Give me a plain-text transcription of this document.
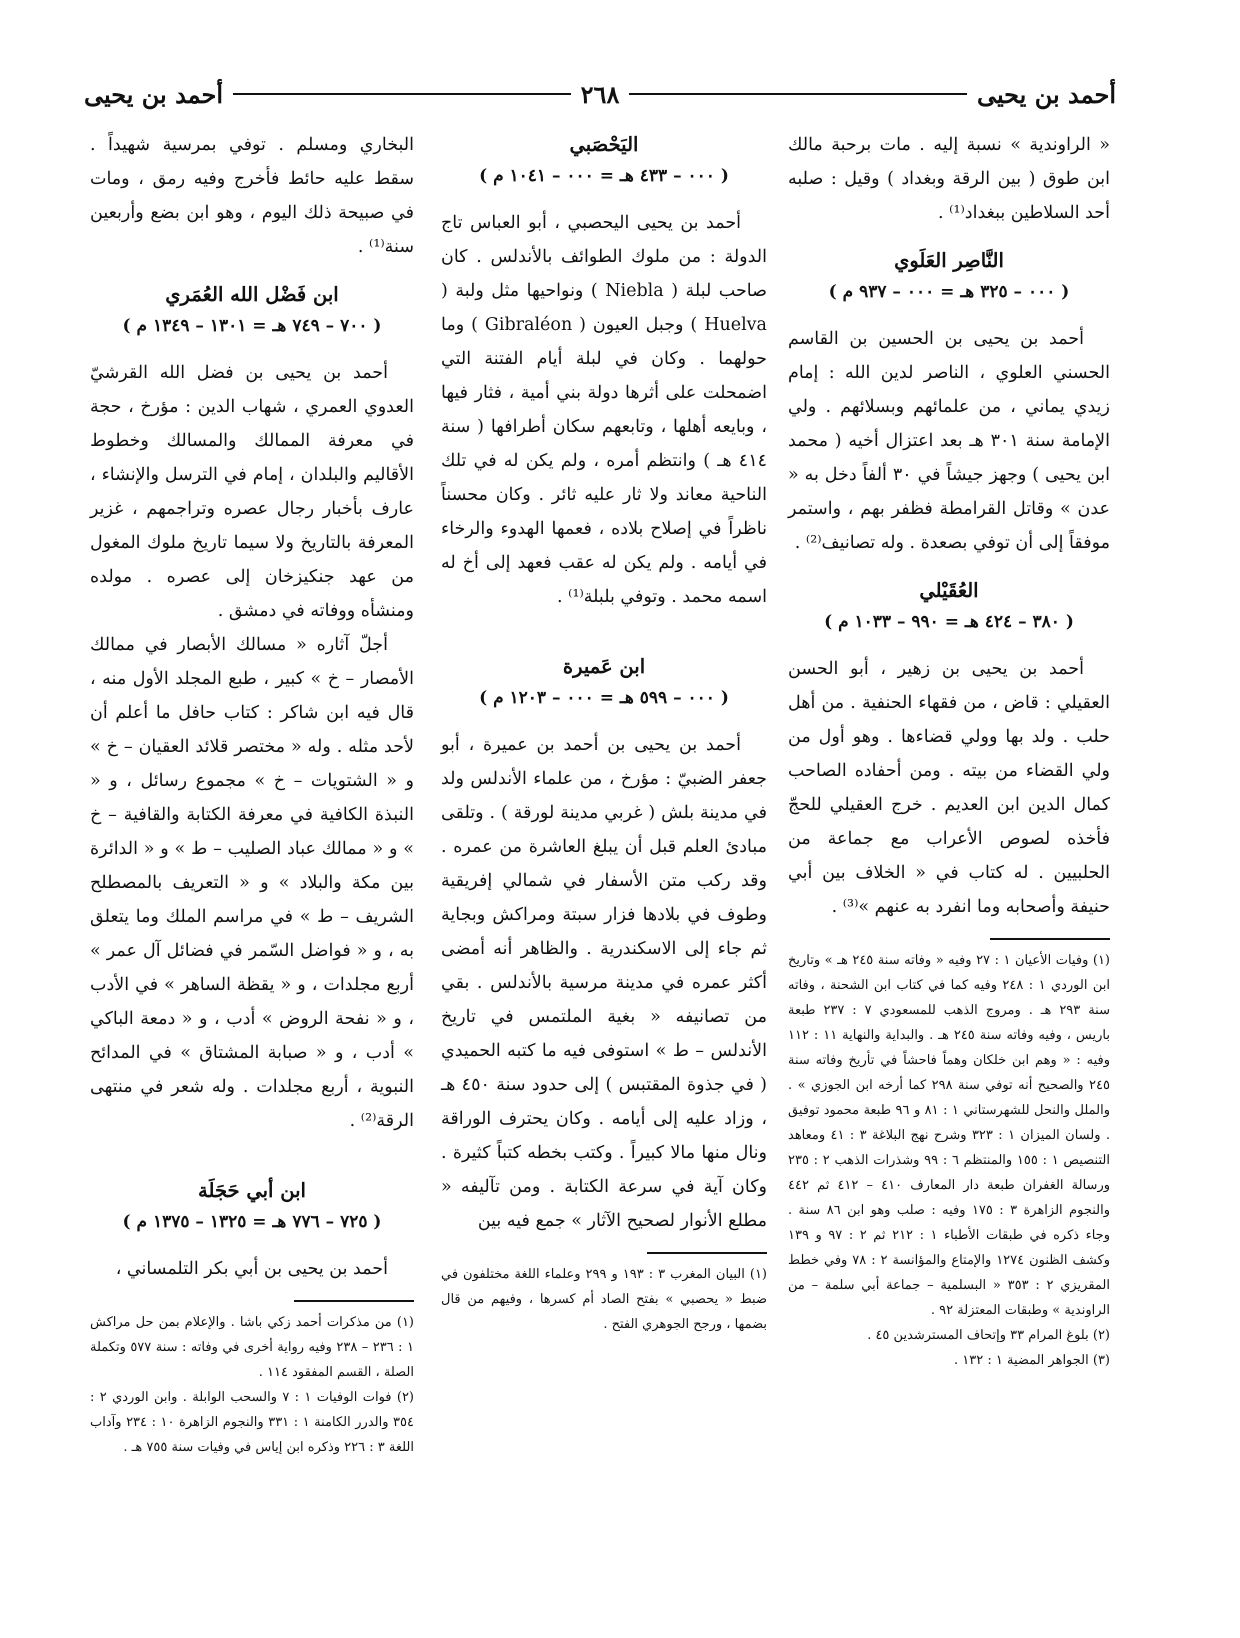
أحمد بن يحيى
٢٦٨
أحمد بن يحيى

« الراوندية » نسبة إليه . مات برحبة مالك ابن طوق ( بين الرقة وبغداد ) وقيل : صلبه أحد السلاطين ببغداد⁽¹⁾ .

النَّاصِر العَلَوي
( ٠٠٠ – ٣٢٥ هـ = ٠٠٠ – ٩٣٧ م )

أحمد بن يحيى بن الحسين بن القاسم الحسني العلوي ، الناصر لدين الله : إمام زيدي يماني ، من علمائهم وبسلائهم . ولي الإمامة سنة ٣٠١ هـ بعد اعتزال أخيه ( محمد ابن يحيى ) وجهز جيشاً في ٣٠ ألفاً دخل به « عدن » وقاتل القرامطة فظفر بهم ، واستمر موفقاً إلى أن توفي بصعدة . وله تصانيف⁽²⁾ .

العُقَيْلي
( ٣٨٠ – ٤٢٤ هـ = ٩٩٠ – ١٠٣٣ م )

أحمد بن يحيى بن زهير ، أبو الحسن العقيلي : قاض ، من فقهاء الحنفية . من أهل حلب . ولد بها وولي قضاءها . وهو أول من ولي القضاء من بيته . ومن أحفاده الصاحب كمال الدين ابن العديم . خرج العقيلي للحجّ فأخذه لصوص الأعراب مع جماعة من الحلبيين . له كتاب في « الخلاف بين أبي حنيفة وأصحابه وما انفرد به عنهم »⁽³⁾ .

(١) وفيات الأعيان ١ : ٢٧ وفيه « وفاته سنة ٢٤٥ هـ » وتاريخ ابن الوردي ١ : ٢٤٨ وفيه كما في كتاب ابن الشحنة ، وفاته سنة ٢٩٣ هـ . ومروج الذهب للمسعودي ٧ : ٢٣٧ طبعة باريس ، وفيه وفاته سنة ٢٤٥ هـ . والبداية والنهاية ١١ : ١١٢ وفيه : « وهم ابن خلكان وهماً فاحشاً في تأريخ وفاته سنة ٢٤٥ والصحيح أنه توفي سنة ٢٩٨ كما أرخه ابن الجوزي » . والملل والنحل للشهرستاني ١ : ٨١ و ٩٦ طبعة محمود توفيق . ولسان الميزان ١ : ٣٢٣ وشرح نهج البلاغة ٣ : ٤١ ومعاهد التنصيص ١ : ١٥٥ والمنتظم ٦ : ٩٩ وشذرات الذهب ٢ : ٢٣٥ ورسالة الغفران طبعة دار المعارف ٤١٠ – ٤١٢ ثم ٤٤٢ والنجوم الزاهرة ٣ : ١٧٥ وفيه : صلب وهو ابن ٨٦ سنة . وجاء ذكره في طبقات الأطباء ١ : ٢١٢ ثم ٢ : ٩٧ و ١٣٩ وكشف الظنون ١٢٧٤ والإمتاع والمؤانسة ٢ : ٧٨ وفي خطط المقريزي ٢ : ٣٥٣ « البسلمية – جماعة أبي سلمة – من الراوندية » وطبقات المعتزلة ٩٢ .

(٢) بلوغ المرام ٣٣ وإتحاف المسترشدين ٤٥ .

(٣) الجواهر المضية ١ : ١٣٢ .

اليَحْصَبي
( ٠٠٠ – ٤٣٣ هـ = ٠٠٠ – ١٠٤١ م )

أحمد بن يحيى اليحصبي ، أبو العباس تاج الدولة : من ملوك الطوائف بالأندلس . كان صاحب لبلة ( Niebla ) ونواحيها مثل ولبة ( Huelva ) وجبل العيون ( Gibraléon ) وما حولهما . وكان في لبلة أيام الفتنة التي اضمحلت على أثرها دولة بني أمية ، فثار فيها ، وبايعه أهلها ، وتابعهم سكان أطرافها ( سنة ٤١٤ هـ ) وانتظم أمره ، ولم يكن له في تلك الناحية معاند ولا ثار عليه ثائر . وكان محسناً ناظراً في إصلاح بلاده ، فعمها الهدوء والرخاء في أيامه . ولم يكن له عقب فعهد إلى أخ له اسمه محمد . وتوفي بلبلة⁽¹⁾ .

ابن عَميرة
( ٠٠٠ – ٥٩٩ هـ = ٠٠٠ – ١٢٠٣ م )

أحمد بن يحيى بن أحمد بن عميرة ، أبو جعفر الضبيّ : مؤرخ ، من علماء الأندلس ولد في مدينة بلش ( غربي مدينة لورقة ) . وتلقى مبادئ العلم قبل أن يبلغ العاشرة من عمره . وقد ركب متن الأسفار في شمالي إفريقية وطوف في بلادها فزار سبتة ومراكش وبجاية ثم جاء إلى الاسكندرية . والظاهر أنه أمضى أكثر عمره في مدينة مرسية بالأندلس . بقي من تصانيفه « بغية الملتمس في تاريخ الأندلس – ط » استوفى فيه ما كتبه الحميدي ( في جذوة المقتبس ) إلى حدود سنة ٤٥٠ هـ ، وزاد عليه إلى أيامه . وكان يحترف الوراقة ونال منها مالا كبيراً . وكتب بخطه كتباً كثيرة . وكان آية في سرعة الكتابة . ومن تآليفه « مطلع الأنوار لصحيح الآثار » جمع فيه بين

(١) البيان المغرب ٣ : ١٩٣ و ٢٩٩ وعلماء اللغة مختلفون في ضبط « يحصبي » بفتح الصاد أم كسرها ، وفيهم من قال بضمها ، ورجح الجوهري الفتح .

البخاري ومسلم . توفي بمرسية شهيداً . سقط عليه حائط فأخرج وفيه رمق ، ومات في صبيحة ذلك اليوم ، وهو ابن بضع وأربعين سنة⁽¹⁾ .

ابن فَضْل الله العُمَري
( ٧٠٠ – ٧٤٩ هـ = ١٣٠١ – ١٣٤٩ م )

أحمد بن يحيى بن فضل الله القرشيّ العدوي العمري ، شهاب الدين : مؤرخ ، حجة في معرفة الممالك والمسالك وخطوط الأقاليم والبلدان ، إمام في الترسل والإنشاء ، عارف بأخبار رجال عصره وتراجمهم ، غزير المعرفة بالتاريخ ولا سيما تاريخ ملوك المغول من عهد جنكيزخان إلى عصره . مولده ومنشأه ووفاته في دمشق .

أجلّ آثاره « مسالك الأبصار في ممالك الأمصار – خ » كبير ، طبع المجلد الأول منه ، قال فيه ابن شاكر : كتاب حافل ما أعلم أن لأحد مثله . وله « مختصر قلائد العقيان – خ » و « الشتويات – خ » مجموع رسائل ، و « النبذة الكافية في معرفة الكتابة والقافية – خ » و « ممالك عباد الصليب – ط » و « الدائرة بين مكة والبلاد » و « التعريف بالمصطلح الشريف – ط » في مراسم الملك وما يتعلق به ، و « فواضل السّمر في فضائل آل عمر » أربع مجلدات ، و « يقظة الساهر » في الأدب ، و « نفحة الروض » أدب ، و « دمعة الباكي » أدب ، و « صبابة المشتاق » في المدائح النبوية ، أربع مجلدات . وله شعر في منتهى الرقة⁽²⁾ .

ابن أبي حَجَلَة
( ٧٢٥ – ٧٧٦ هـ = ١٣٢٥ – ١٣٧٥ م )

أحمد بن يحيى بن أبي بكر التلمساني ،

(١) من مذكرات أحمد زكي باشا . والإعلام بمن حل مراكش ١ : ٢٣٦ – ٢٣٨ وفيه رواية أخرى في وفاته : سنة ٥٧٧ وتكملة الصلة ، القسم المفقود ١١٤ .

(٢) فوات الوفيات ١ : ٧ والسحب الوابلة . وابن الوردي ٢ : ٣٥٤ والدرر الكامنة ١ : ٣٣١ والنجوم الزاهرة ١٠ : ٢٣٤ وآداب اللغة ٣ : ٢٢٦ وذكره ابن إياس في وفيات سنة ٧٥٥ هـ .
